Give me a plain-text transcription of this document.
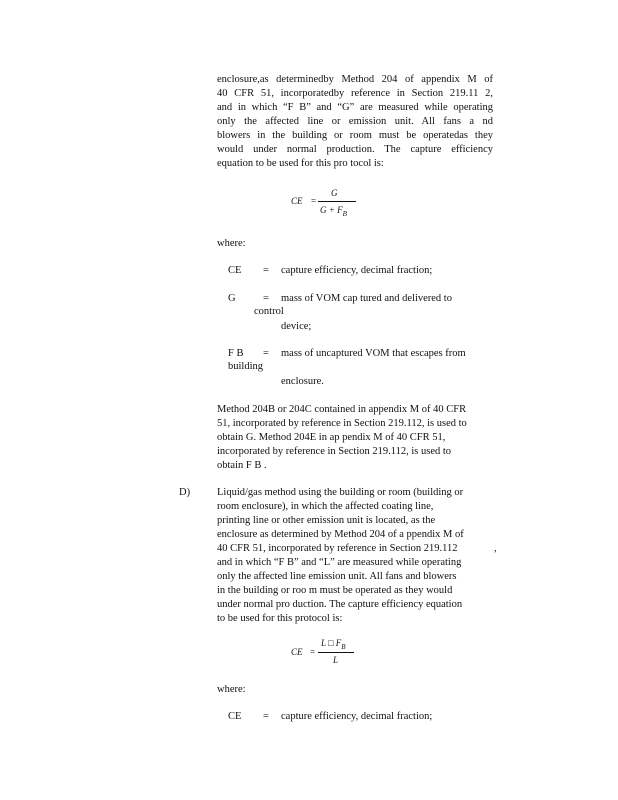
enclosure,as determinedby Method 204 of appendix M of
40 CFR 51, incorporatedby reference in Section 219.11 2,
and in which “F B” and “G” are measured while operating
only the affected line or emission unit. All fans a nd
blowers in the building or room must be operatedas they
would under normal production. The capture efficiency
equation to be used for this pro tocol is:
CE =
G
$G + F_B$
where:
CE = capture efficiency, decimal fraction;
G	= mass of VOM cap tured and delivered to
control
device;
F B = mass of uncaptured VOM that escapes from
building
enclosure.
Method 204B or 204C contained in appendix M of 40 CFR
51, incorporated by reference in Section 219.112, is used to
obtain G. Method 204E in ap pendix M of 40 CFR 51,
incorporated by reference in Section 219.112, is used to
obtain F B .
D)	Liquid/gas method using the building or room (building or
room enclosure), in which the affected coating line,
printing line or other emission unit is located, as the
enclosure as determined by Method 204 of a ppendix M of
40 CFR 51, incorporated by reference in Section 219.112	,
and in which “F B” and “L” are measured while operating
only the affected line emission unit. All fans and blowers
in the building or roo m must be operated as they would
under normal pro duction. The capture efficiency equation
to be used for this protocol is:
CE =
L □ $F_B$
L
where:
CE = capture efficiency, decimal fraction;
